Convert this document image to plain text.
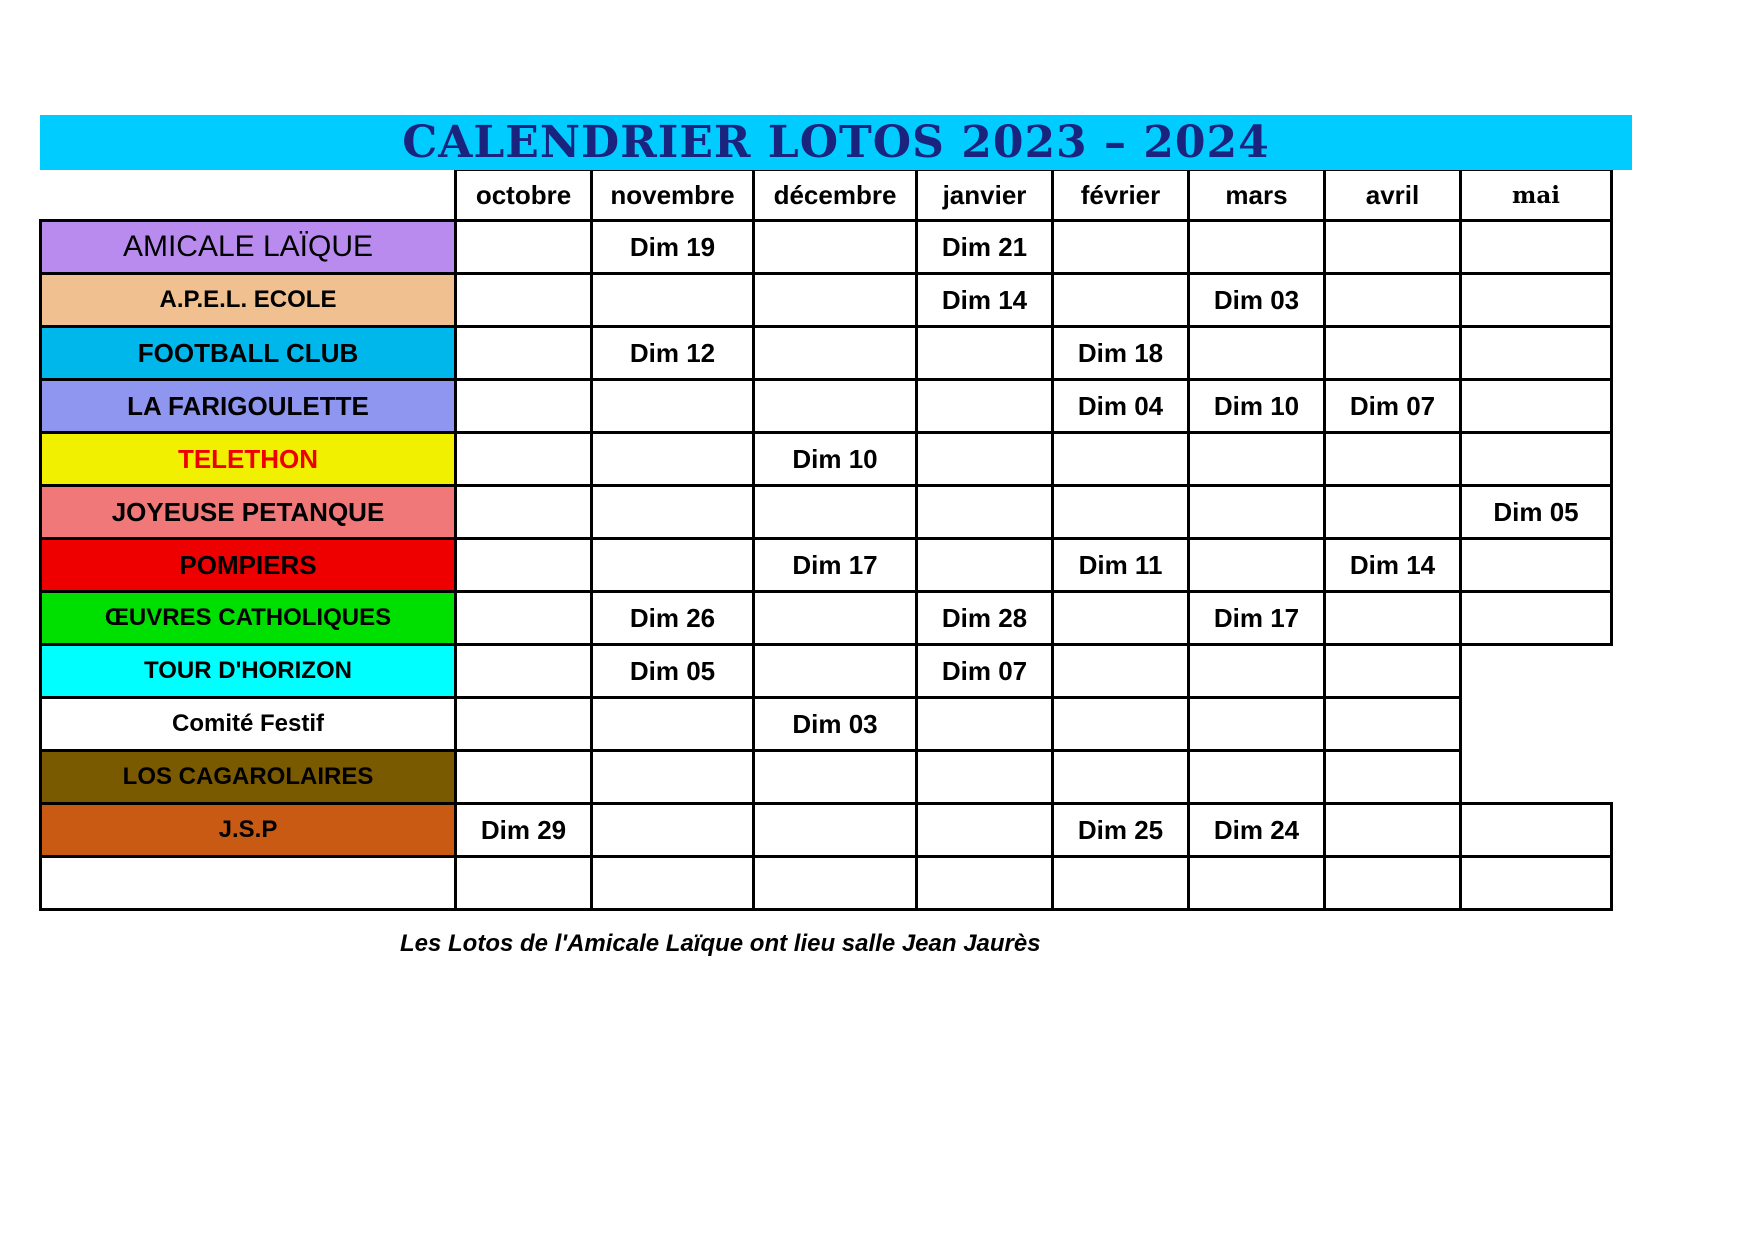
CALENDRIER LOTOS 2023 – 2024
	octobre	novembre	décembre	janvier	février	mars	avril	mai
AMICALE LAÏQUE		Dim 19		Dim 21				
A.P.E.L. ECOLE				Dim 14		Dim 03		
FOOTBALL CLUB		Dim 12			Dim 18			
LA FARIGOULETTE					Dim 04	Dim 10	Dim 07	
TELETHON			Dim 10					
JOYEUSE PETANQUE								Dim 05
POMPIERS			Dim 17		Dim 11		Dim 14	
ŒUVRES CATHOLIQUES		Dim 26		Dim 28		Dim 17		
TOUR D'HORIZON		Dim 05		Dim 07				
Comité Festif			Dim 03					
LOS CAGAROLAIRES								
J.S.P	Dim 29				Dim 25	Dim 24		

Les Lotos de l'Amicale Laïque ont lieu salle Jean Jaurès
